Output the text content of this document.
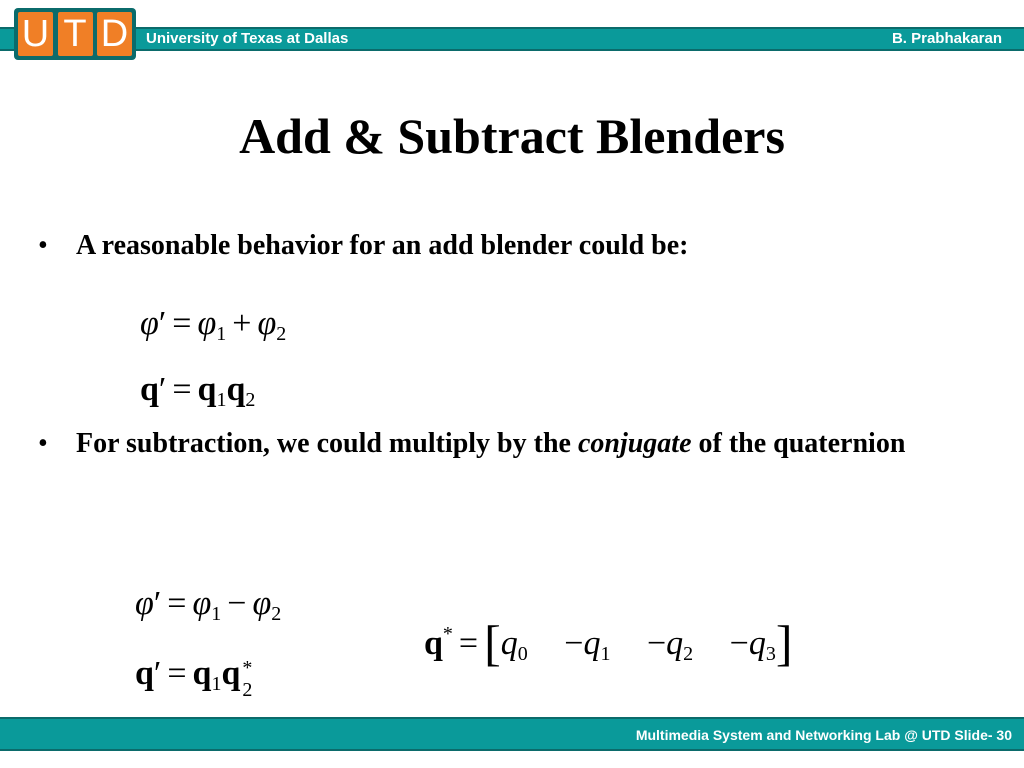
U T D University of Texas at Dallas	B. Prabhakaran
Add & Subtract Blenders
• A reasonable behavior for an add blender could be:
$\varphi' = \varphi_1 + \varphi_2$
$q' = q_1q_2$
• For subtraction, we could multiply by the conjugate of the quaternion
$\varphi' = \varphi_1 - \varphi_2$
$q' = q_1q$ *
2
$q^* = [q_0 -q_1 -q_2 -q_3]$
Multimedia System and Networking Lab @ UTD Slide- 30
